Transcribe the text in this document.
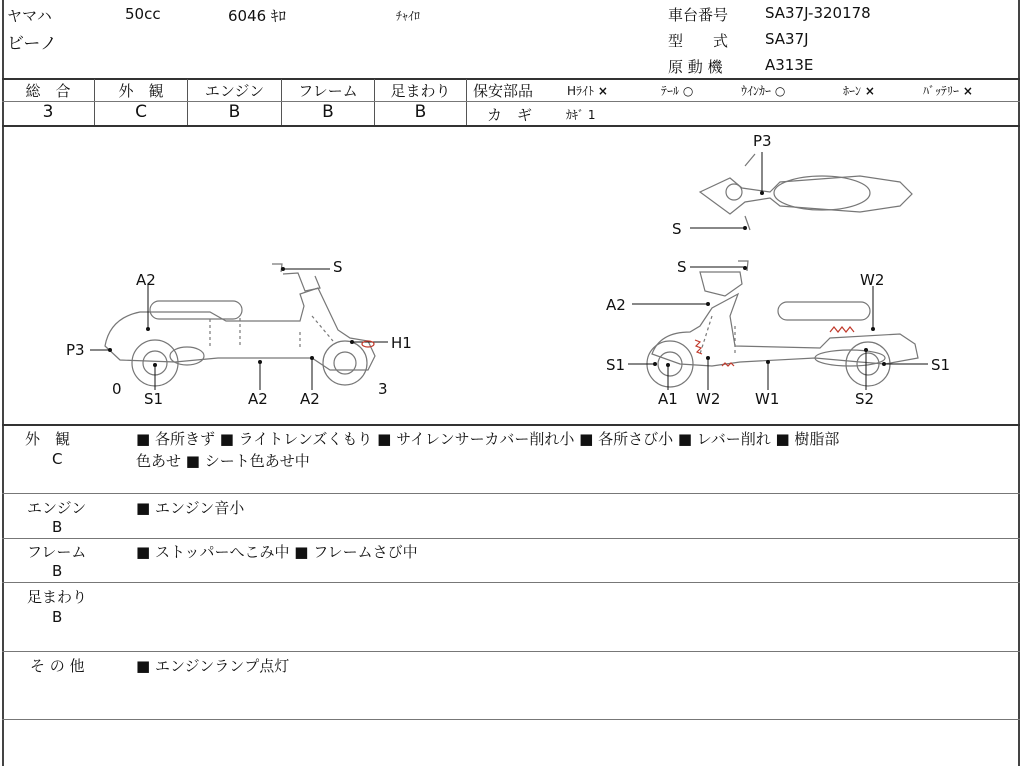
ヤマハ	50cc	6046 ｷﾛ	ﾁｬｲﾛ
ビーノ
車台番号 SA37J-320178
型　　式 SA37J
原 動 機	A313E
総　合	外　観	エンジン	フレーム	足まわり
3	C	B	B	B
保安部品	Hﾗｲﾄ ×	ﾃｰﾙ ○	ｳｲﾝｶｰ ○	ﾎｰﾝ ×	ﾊﾞｯﾃﾘｰ ×
カ　ギ	ｶｷﾞ 1
A2
S
P3	H1
0	3
S1	A2 A2
P3
S
S
W2
A2
S1	S1
A1 W2 W1	S2
外　観
C
■ 各所きず ■ ライトレンズくもり ■ サイレンサーカバー削れ小 ■ 各所さび小 ■ レバー削れ ■ 樹脂部
色あせ ■ シート色あせ中
エンジン
B
■ エンジン音小
フレーム
B
■ ストッパーへこみ中 ■ フレームさび中
足まわり
B
そ の 他	■ エンジンランプ点灯
